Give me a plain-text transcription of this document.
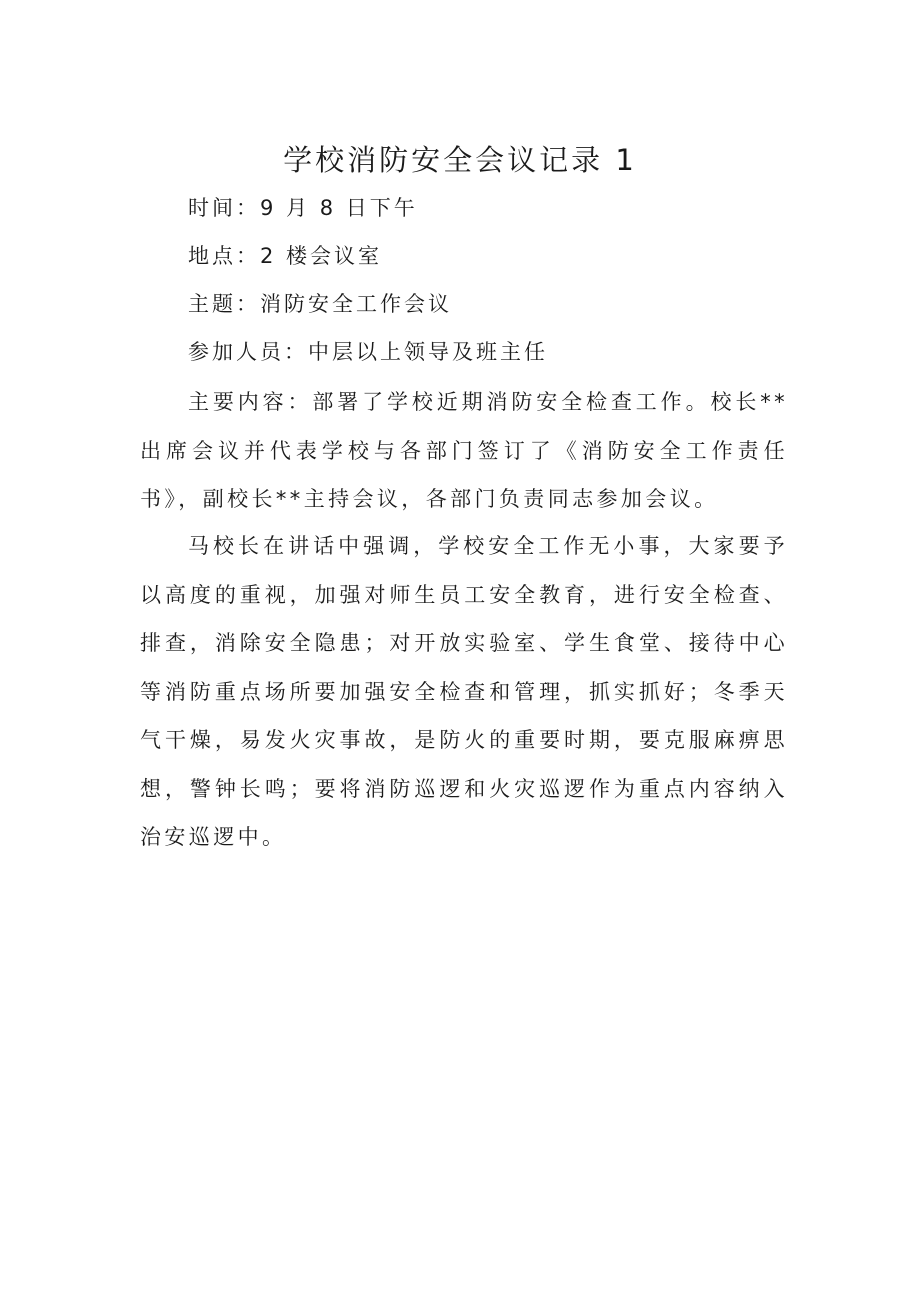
学校消防安全会议记录 1

时间：9 月 8 日下午

地点：2 楼会议室

主题：消防安全工作会议

参加人员：中层以上领导及班主任

主要内容：部署了学校近期消防安全检查工作。校长**出席会议并代表学校与各部门签订了《消防安全工作责任书》，副校长**主持会议，各部门负责同志参加会议。

马校长在讲话中强调，学校安全工作无小事，大家要予以高度的重视，加强对师生员工安全教育，进行安全检查、排查，消除安全隐患；对开放实验室、学生食堂、接待中心等消防重点场所要加强安全检查和管理，抓实抓好；冬季天气干燥，易发火灾事故，是防火的重要时期，要克服麻痹思想，警钟长鸣；要将消防巡逻和火灾巡逻作为重点内容纳入治安巡逻中。
